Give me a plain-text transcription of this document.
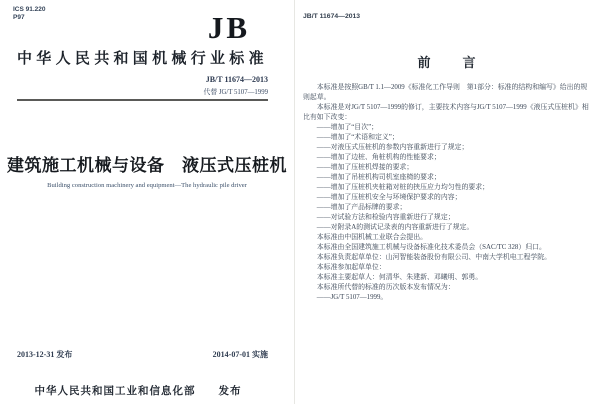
ICS 91.220
P97	JB
中华人民共和国机械行业标准
JB/T 11674—2013
代替 JG/T 5107—1999
建筑施工机械与设备　液压式压桩机
Building construction machinery and equipment—The hydraulic pile driver
2013-12-31 发布	2014-07-01 实施
中华人民共和国工业和信息化部　　发布
JB/T 11674—2013
前　　言

本标准是按照GB/T 1.1—2009《标准化工作导则　第1部分：标准的结构和编写》给出的规则起草。

本标准是对JG/T 5107—1999的修订，主要技术内容与JG/T 5107—1999《液压式压桩机》相比有如下改变：

——增加了“目次”；

——增加了“术语和定义”；

——对液压式压桩机的参数内容重新进行了规定；

——增加了边桩、角桩机构的性能要求；

——增加了压桩机焊接的要求；

——增加了吊桩机构司机室座椅的要求；

——增加了压桩机夹桩箱对桩的挟压应力均匀性的要求；

——增加了压桩机安全与环境保护要求的内容；

——增加了产品标牌的要求；

——对试验方法和检验内容重新进行了规定；

——对附录A的测试记录表的内容重新进行了规定。

本标准由中国机械工业联合会提出。

本标准由全国建筑施工机械与设备标准化技术委员会（SAC/TC 328）归口。

本标准负责起草单位：山河智能装备股份有限公司、中南大学机电工程学院。

本标准参加起草单位：

本标准主要起草人：何清华、朱建新、邓曦明、郭勇。

本标准所代替的标准的历次版本发布情况为：

——JG/T 5107—1999。
